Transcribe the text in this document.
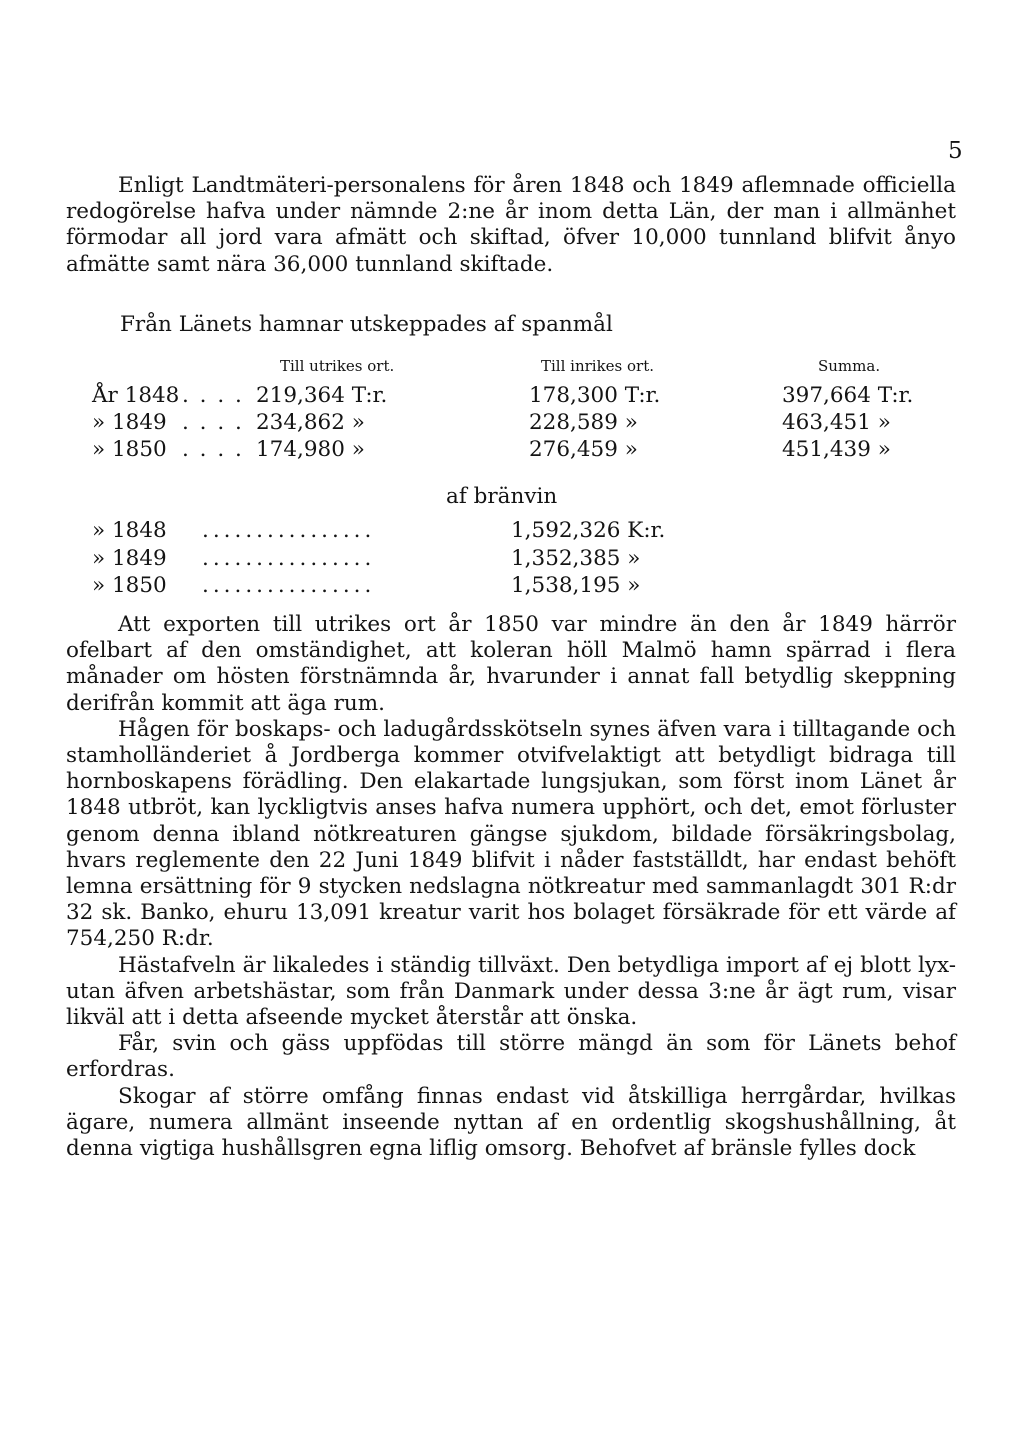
5

Enligt Landtmäteri-personalens för åren 1848 och 1849 aflemnade officiella redogörelse hafva under nämnde 2:ne år inom detta Län, der man i allmänhet förmodar all jord vara afmätt och skiftad, öfver 10,000 tunnland blifvit ånyo afmätte samt nära 36,000 tunnland skiftade.

Från Länets hamnar utskeppades af spanmål
Till utrikes ort.	Till inrikes ort.	Summa.
År 1848 . . . . 219,364 T:r.	178,300 T:r.	397,664 T:r.
» 1849 . . . . 234,862 »	228,589 »	463,451 »
» 1850 . . . . 174,980 »	276,459 »	451,439 »
af bränvin
» 1848 ................	1,592,326 K:r.
» 1849 ................	1,352,385 »
» 1850 ................	1,538,195 »

Att exporten till utrikes ort år 1850 var mindre än den år 1849 härrör ofelbart af den omständighet, att koleran höll Malmö hamn spärrad i flera månader om hösten förstnämnda år, hvarunder i annat fall betydlig skeppning derifrån kommit att äga rum.

Hågen för boskaps- och ladugårdsskötseln synes äfven vara i tilltagande och stamholländeriet å Jordberga kommer otvifvelaktigt att betydligt bidraga till hornboskapens förädling. Den elakartade lungsjukan, som först inom Länet år 1848 utbröt, kan lyckligtvis anses hafva numera upphört, och det, emot förluster genom denna ibland nötkreaturen gängse sjukdom, bildade försäkringsbolag, hvars reglemente den 22 Juni 1849 blifvit i nåder fastställdt, har endast behöft lemna ersättning för 9 stycken nedslagna nötkreatur med sammanlagdt 301 R:dr 32 sk. Banko, ehuru 13,091 kreatur varit hos bolaget försäkrade för ett värde af 754,250 R:dr.

Hästafveln är likaledes i ständig tillväxt. Den betydliga import af ej blott lyx- utan äfven arbetshästar, som från Danmark under dessa 3:ne år ägt rum, visar likväl att i detta afseende mycket återstår att önska.

Får, svin och gäss uppfödas till större mängd än som för Länets behof erfordras.

Skogar af större omfång finnas endast vid åtskilliga herrgårdar, hvilkas ägare, numera allmänt inseende nyttan af en ordentlig skogshushållning, åt denna vigtiga hushållsgren egna liflig omsorg. Behofvet af bränsle fylles dock
